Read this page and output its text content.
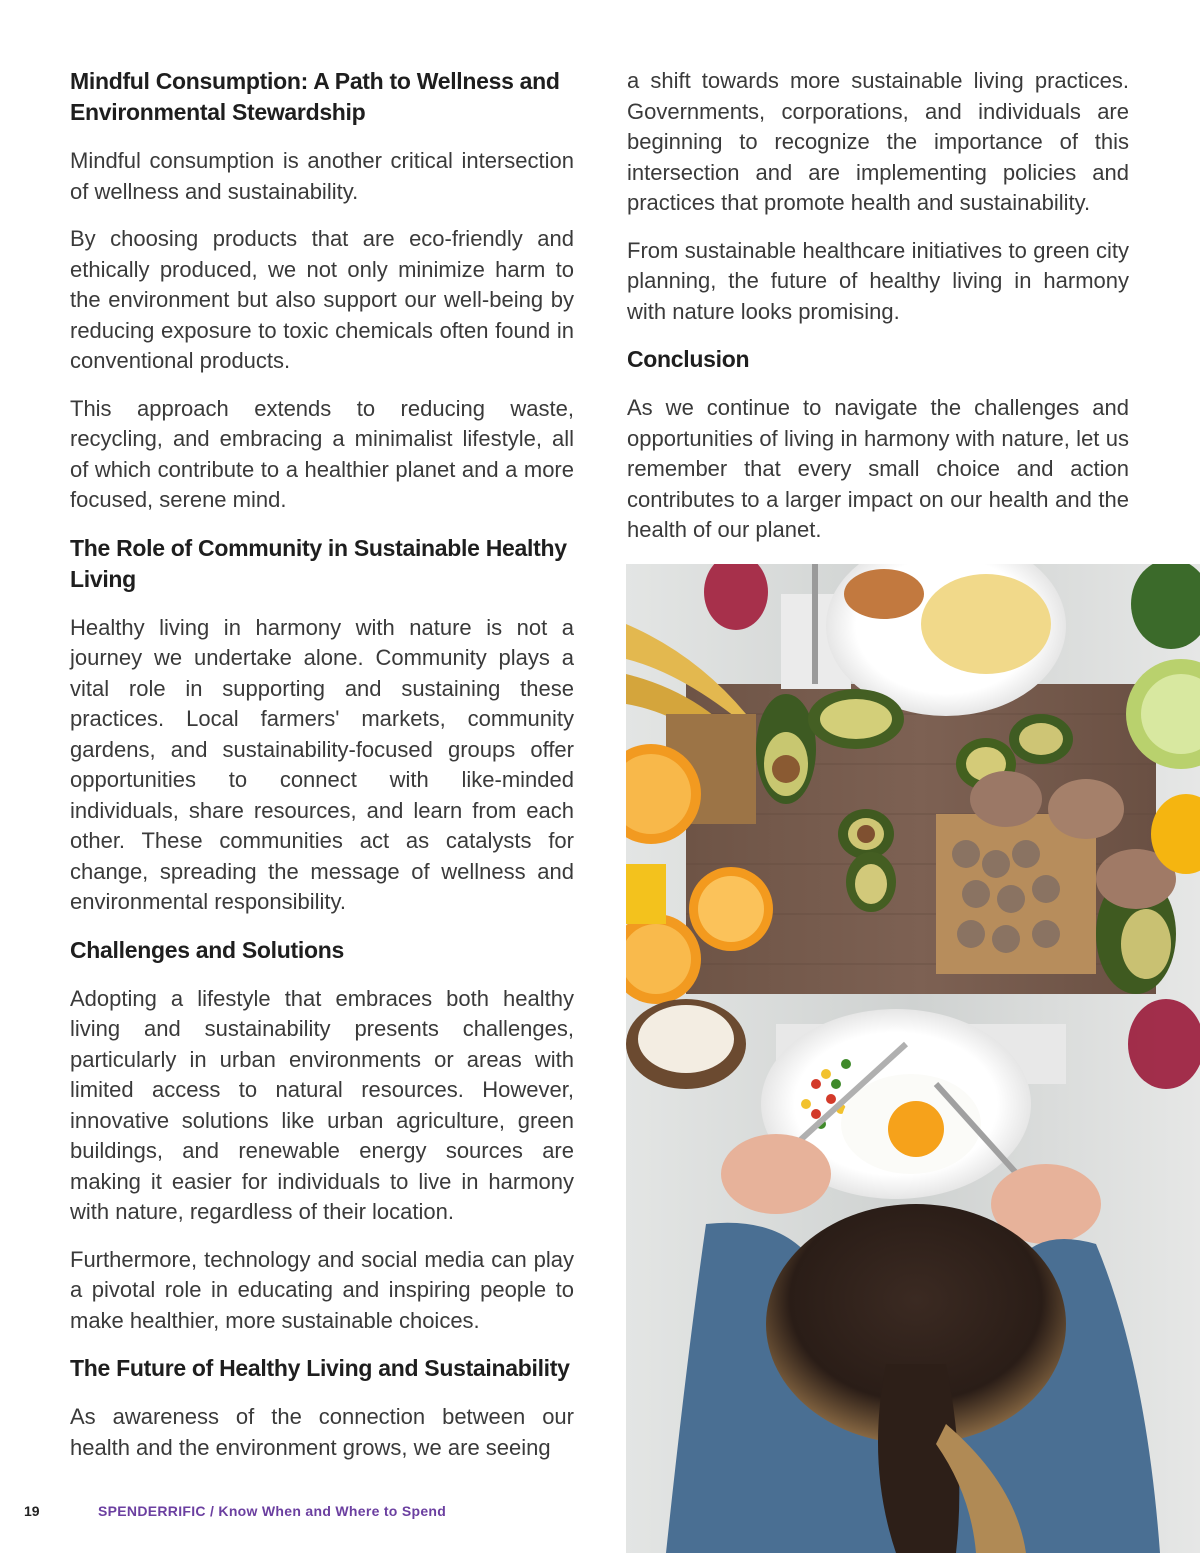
Mindful Consumption: A Path to Wellness and Environmental Stewardship

Mindful consumption is another critical intersection of wellness and sustainability.

By choosing products that are eco-friendly and ethically produced, we not only minimize harm to the environment but also support our well-being by reducing exposure to toxic chemicals often found in conventional products.

This approach extends to reducing waste, recycling, and embracing a minimalist lifestyle, all of which contribute to a healthier planet and a more focused, serene mind.

The Role of Community in Sustainable Healthy Living

Healthy living in harmony with nature is not a journey we undertake alone. Community plays a vital role in supporting and sustaining these practices. Local farmers' markets, community gardens, and sustainability-focused groups offer opportunities to connect with like-minded individuals, share resources, and learn from each other. These communities act as catalysts for change, spreading the message of wellness and environmental responsibility.

Challenges and Solutions

Adopting a lifestyle that embraces both healthy living and sustainability presents challenges, particularly in urban environments or areas with limited access to natural resources. However, innovative solutions like urban agriculture, green buildings, and renewable energy sources are making it easier for individuals to live in harmony with nature, regardless of their location.

Furthermore, technology and social media can play a pivotal role in educating and inspiring people to make healthier, more sustainable choices.

The Future of Healthy Living and Sustainability

As awareness of the connection between our health and the environment grows, we are seeing

a shift towards more sustainable living practices. Governments, corporations, and individuals are beginning to recognize the importance of this intersection and are implementing policies and practices that promote health and sustainability.

From sustainable healthcare initiatives to green city planning, the future of healthy living in harmony with nature looks promising.

Conclusion

As we continue to navigate the challenges and opportunities of living in harmony with nature, let us remember that every small choice and action contributes to a larger impact on our health and the health of our planet.

19	SPENDERRIFIC / Know When and Where to Spend
